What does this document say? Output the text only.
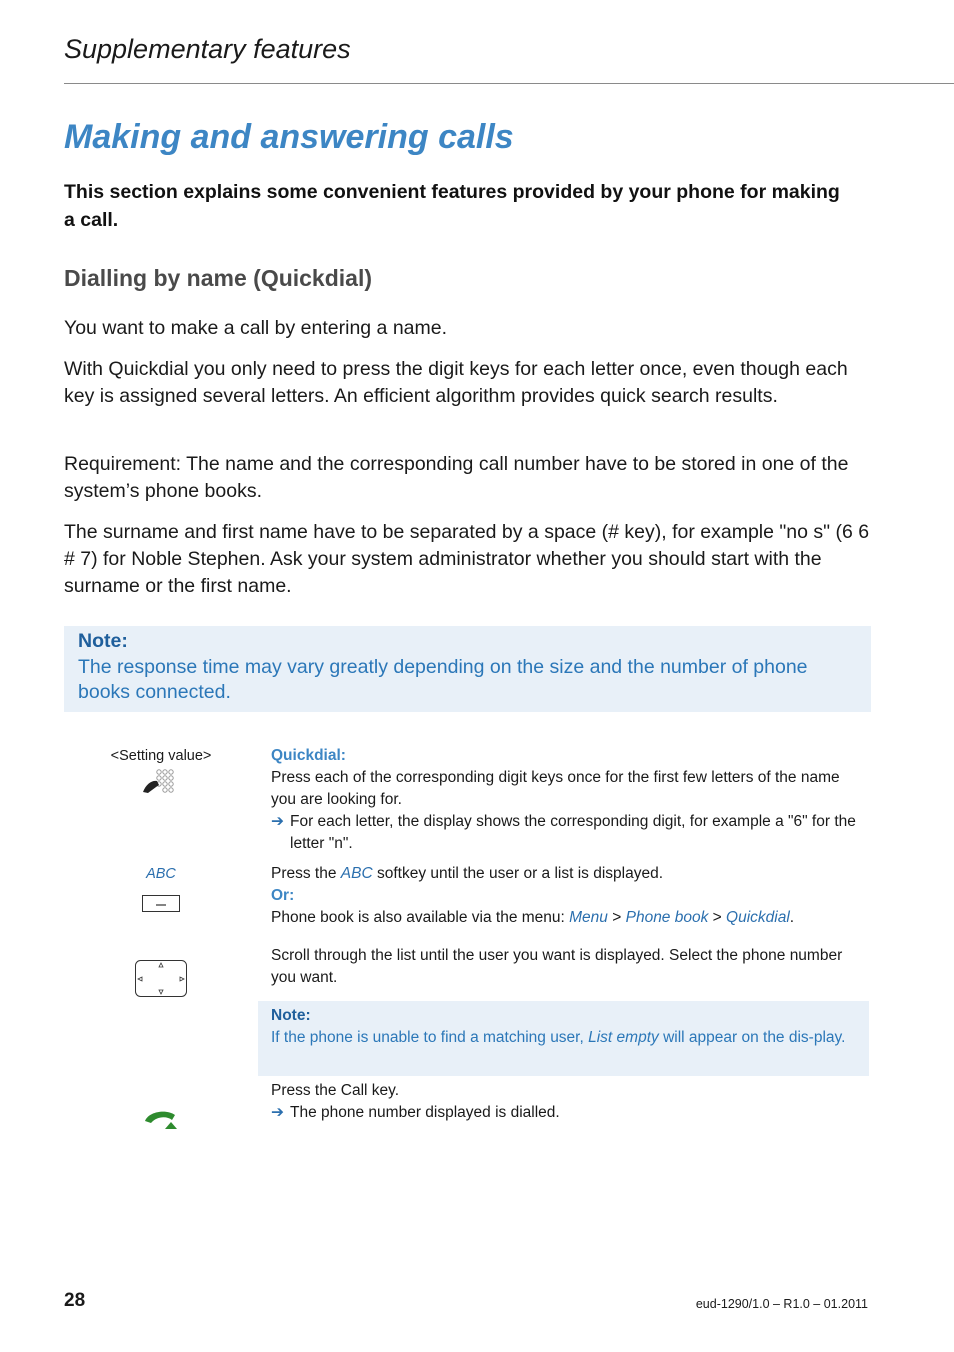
Supplementary features
Making and answering calls
This section explains some convenient features provided by your phone for making a call.
Dialling by name (Quickdial)
You want to make a call by entering a name.
With Quickdial you only need to press the digit keys for each letter once, even though each key is assigned several letters. An efficient algorithm provides quick search results.
Requirement: The name and the corresponding call number have to be stored in one of the system’s phone books.
The surname and first name have to be separated by a space (# key), for example "no s" (6 6 # 7) for Noble Stephen. Ask your system administrator whether you should start with the surname or the first name.
Note:
The response time may vary greatly depending on the size and the number of phone books connected.
<Setting value>	Quickdial:
Press each of the corresponding digit keys once for the first few letters of the name you are looking for.
➔ For each letter, the display shows the corresponding digit, for example a "6" for the letter "n".
ABC	Press the ABC softkey until the user or a list is displayed.
Or:
Phone book is also available via the menu: Menu > Phone book > Quickdial.
Scroll through the list until the user you want is displayed. Select the phone number you want.
Note:
If the phone is unable to find a matching user, List empty will appear on the dis-play.
Press the Call key.
➔ The phone number displayed is dialled.
28	eud-1290/1.0 – R1.0 – 01.2011
